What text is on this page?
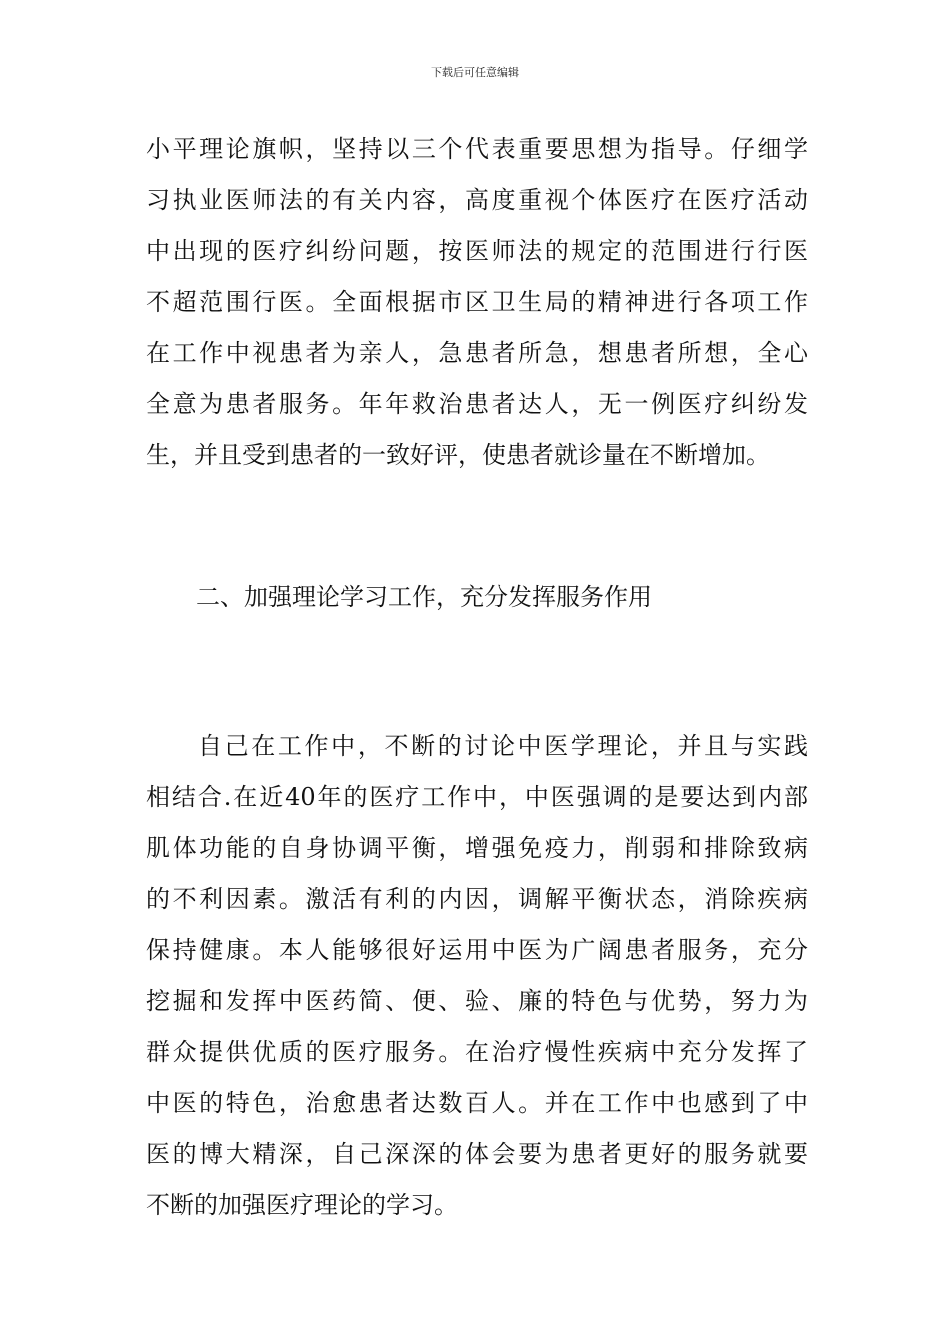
下载后可任意编辑
小平理论旗帜，坚持以三个代表重要思想为指导。仔细学
习执业医师法的有关内容，高度重视个体医疗在医疗活动
中出现的医疗纠纷问题，按医师法的规定的范围进行行医
不超范围行医。全面根据市区卫生局的精神进行各项工作
在工作中视患者为亲人，急患者所急，想患者所想，全心
全意为患者服务。年年救治患者达人，无一例医疗纠纷发
生，并且受到患者的一致好评，使患者就诊量在不断增加。
二、加强理论学习工作，充分发挥服务作用
自己在工作中，不断的讨论中医学理论，并且与实践
相结合.在近40年的医疗工作中，中医强调的是要达到内部
肌体功能的自身协调平衡，增强免疫力，削弱和排除致病
的不利因素。激活有利的内因，调解平衡状态，消除疾病
保持健康。本人能够很好运用中医为广阔患者服务，充分
挖掘和发挥中医药简、便、验、廉的特色与优势，努力为
群众提供优质的医疗服务。在治疗慢性疾病中充分发挥了
中医的特色，治愈患者达数百人。并在工作中也感到了中
医的博大精深，自己深深的体会要为患者更好的服务就要
不断的加强医疗理论的学习。
